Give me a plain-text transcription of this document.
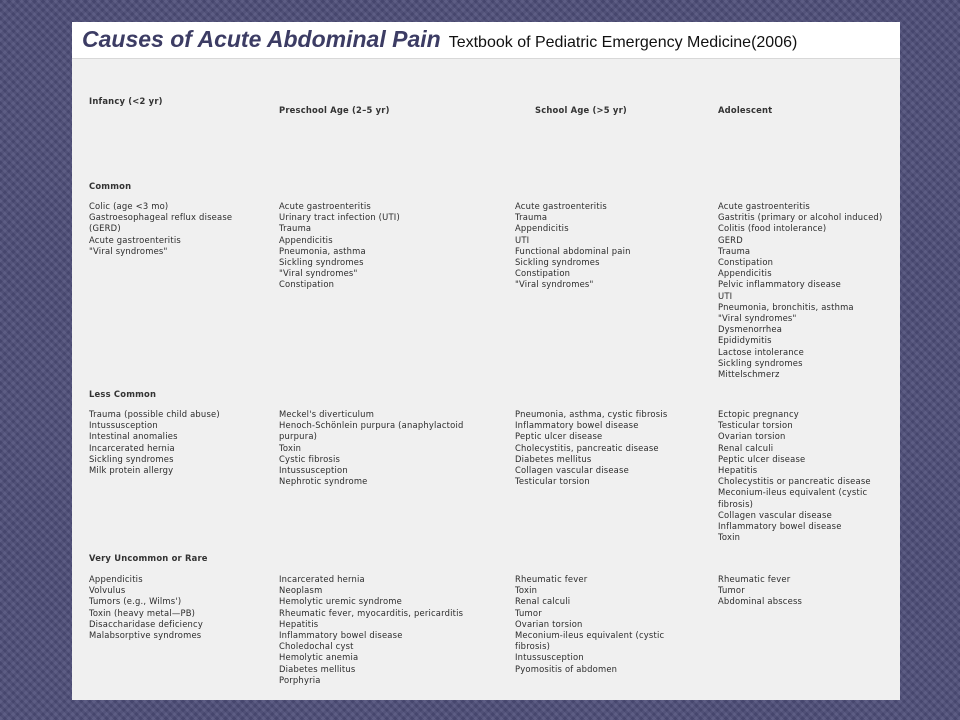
Causes of Acute Abdominal Pain Textbook of Pediatric Emergency Medicine(2006)
Infancy (<2 yr)
Preschool Age (2–5 yr)	School Age (>5 yr)	Adolescent
Common
Colic (age <3 mo)
Gastroesophageal reflux disease
(GERD)
Acute gastroenteritis
"Viral syndromes"
Acute gastroenteritis
Urinary tract infection (UTI)
Trauma
Appendicitis
Pneumonia, asthma
Sickling syndromes
"Viral syndromes"
Constipation
Acute gastroenteritis
Trauma
Appendicitis
UTI
Functional abdominal pain
Sickling syndromes
Constipation
"Viral syndromes"
Acute gastroenteritis
Gastritis (primary or alcohol induced)
Colitis (food intolerance)
GERD
Trauma
Constipation
Appendicitis
Pelvic inflammatory disease
UTI
Pneumonia, bronchitis, asthma
"Viral syndromes"
Dysmenorrhea
Epididymitis
Lactose intolerance
Sickling syndromes
Mittelschmerz
Less Common
Trauma (possible child abuse)
Intussusception
Intestinal anomalies
Incarcerated hernia
Sickling syndromes
Milk protein allergy
Meckel's diverticulum
Henoch-Schönlein purpura (anaphylactoid
purpura)
Toxin
Cystic fibrosis
Intussusception
Nephrotic syndrome
Pneumonia, asthma, cystic fibrosis
Inflammatory bowel disease
Peptic ulcer disease
Cholecystitis, pancreatic disease
Diabetes mellitus
Collagen vascular disease
Testicular torsion
Ectopic pregnancy
Testicular torsion
Ovarian torsion
Renal calculi
Peptic ulcer disease
Hepatitis
Cholecystitis or pancreatic disease
Meconium-ileus equivalent (cystic
fibrosis)
Collagen vascular disease
Inflammatory bowel disease
Toxin
Very Uncommon or Rare
Appendicitis
Volvulus
Tumors (e.g., Wilms')
Toxin (heavy metal—PB)
Disaccharidase deficiency
Malabsorptive syndromes
Incarcerated hernia
Neoplasm
Hemolytic uremic syndrome
Rheumatic fever, myocarditis, pericarditis
Hepatitis
Inflammatory bowel disease
Choledochal cyst
Hemolytic anemia
Diabetes mellitus
Porphyria
Rheumatic fever
Toxin
Renal calculi
Tumor
Ovarian torsion
Meconium-ileus equivalent (cystic
fibrosis)
Intussusception
Pyomositis of abdomen
Rheumatic fever
Tumor
Abdominal abscess
